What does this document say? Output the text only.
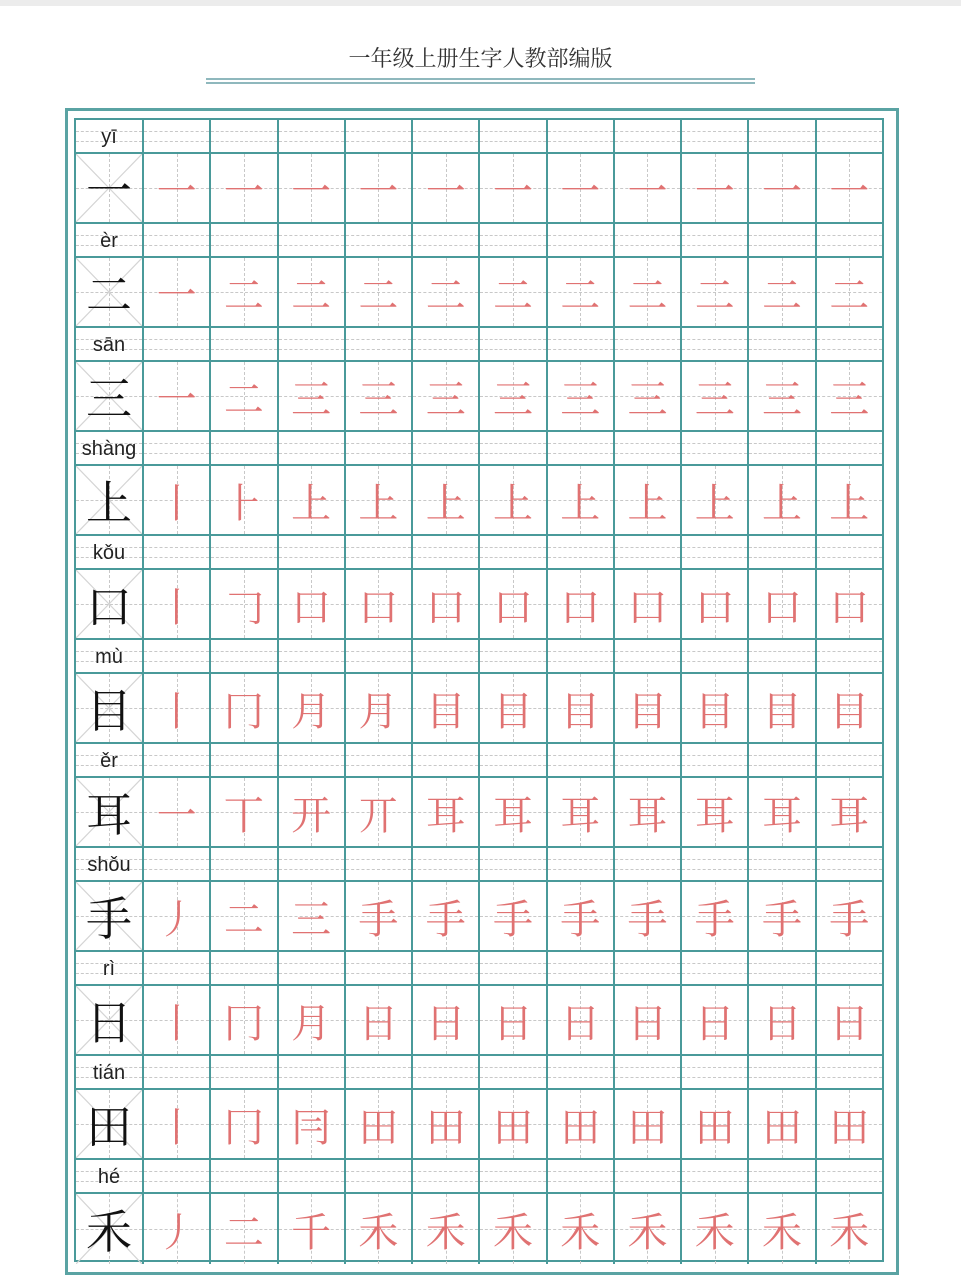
一年级上册生字人教部编版
yī
一 一 一 一 一 一 一 一 一 一 一 一
èr
二 一 二 二 二 二 二 二 二 二 二 二
sān
三 一 二 三 三 三 三 三 三 三 三 三
shàng
上 丨 ⺊ 上 上 上 上 上 上 上 上 上
kǒu
口 丨 𠃌 口 口 口 口 口 口 口 口 口
mù
目 丨 冂 月 月 目 目 目 目 目 目 目
ěr
耳 一 丅 开 丌 耳 耳 耳 耳 耳 耳 耳
shǒu
手 丿 二 三 手 手 手 手 手 手 手 手
rì
日 丨 冂 月 日 日 日 日 日 日 日 日
tián
田 丨 冂 冃 田 田 田 田 田 田 田 田
hé
禾 丿 二 千 禾 禾 禾 禾 禾 禾 禾 禾
